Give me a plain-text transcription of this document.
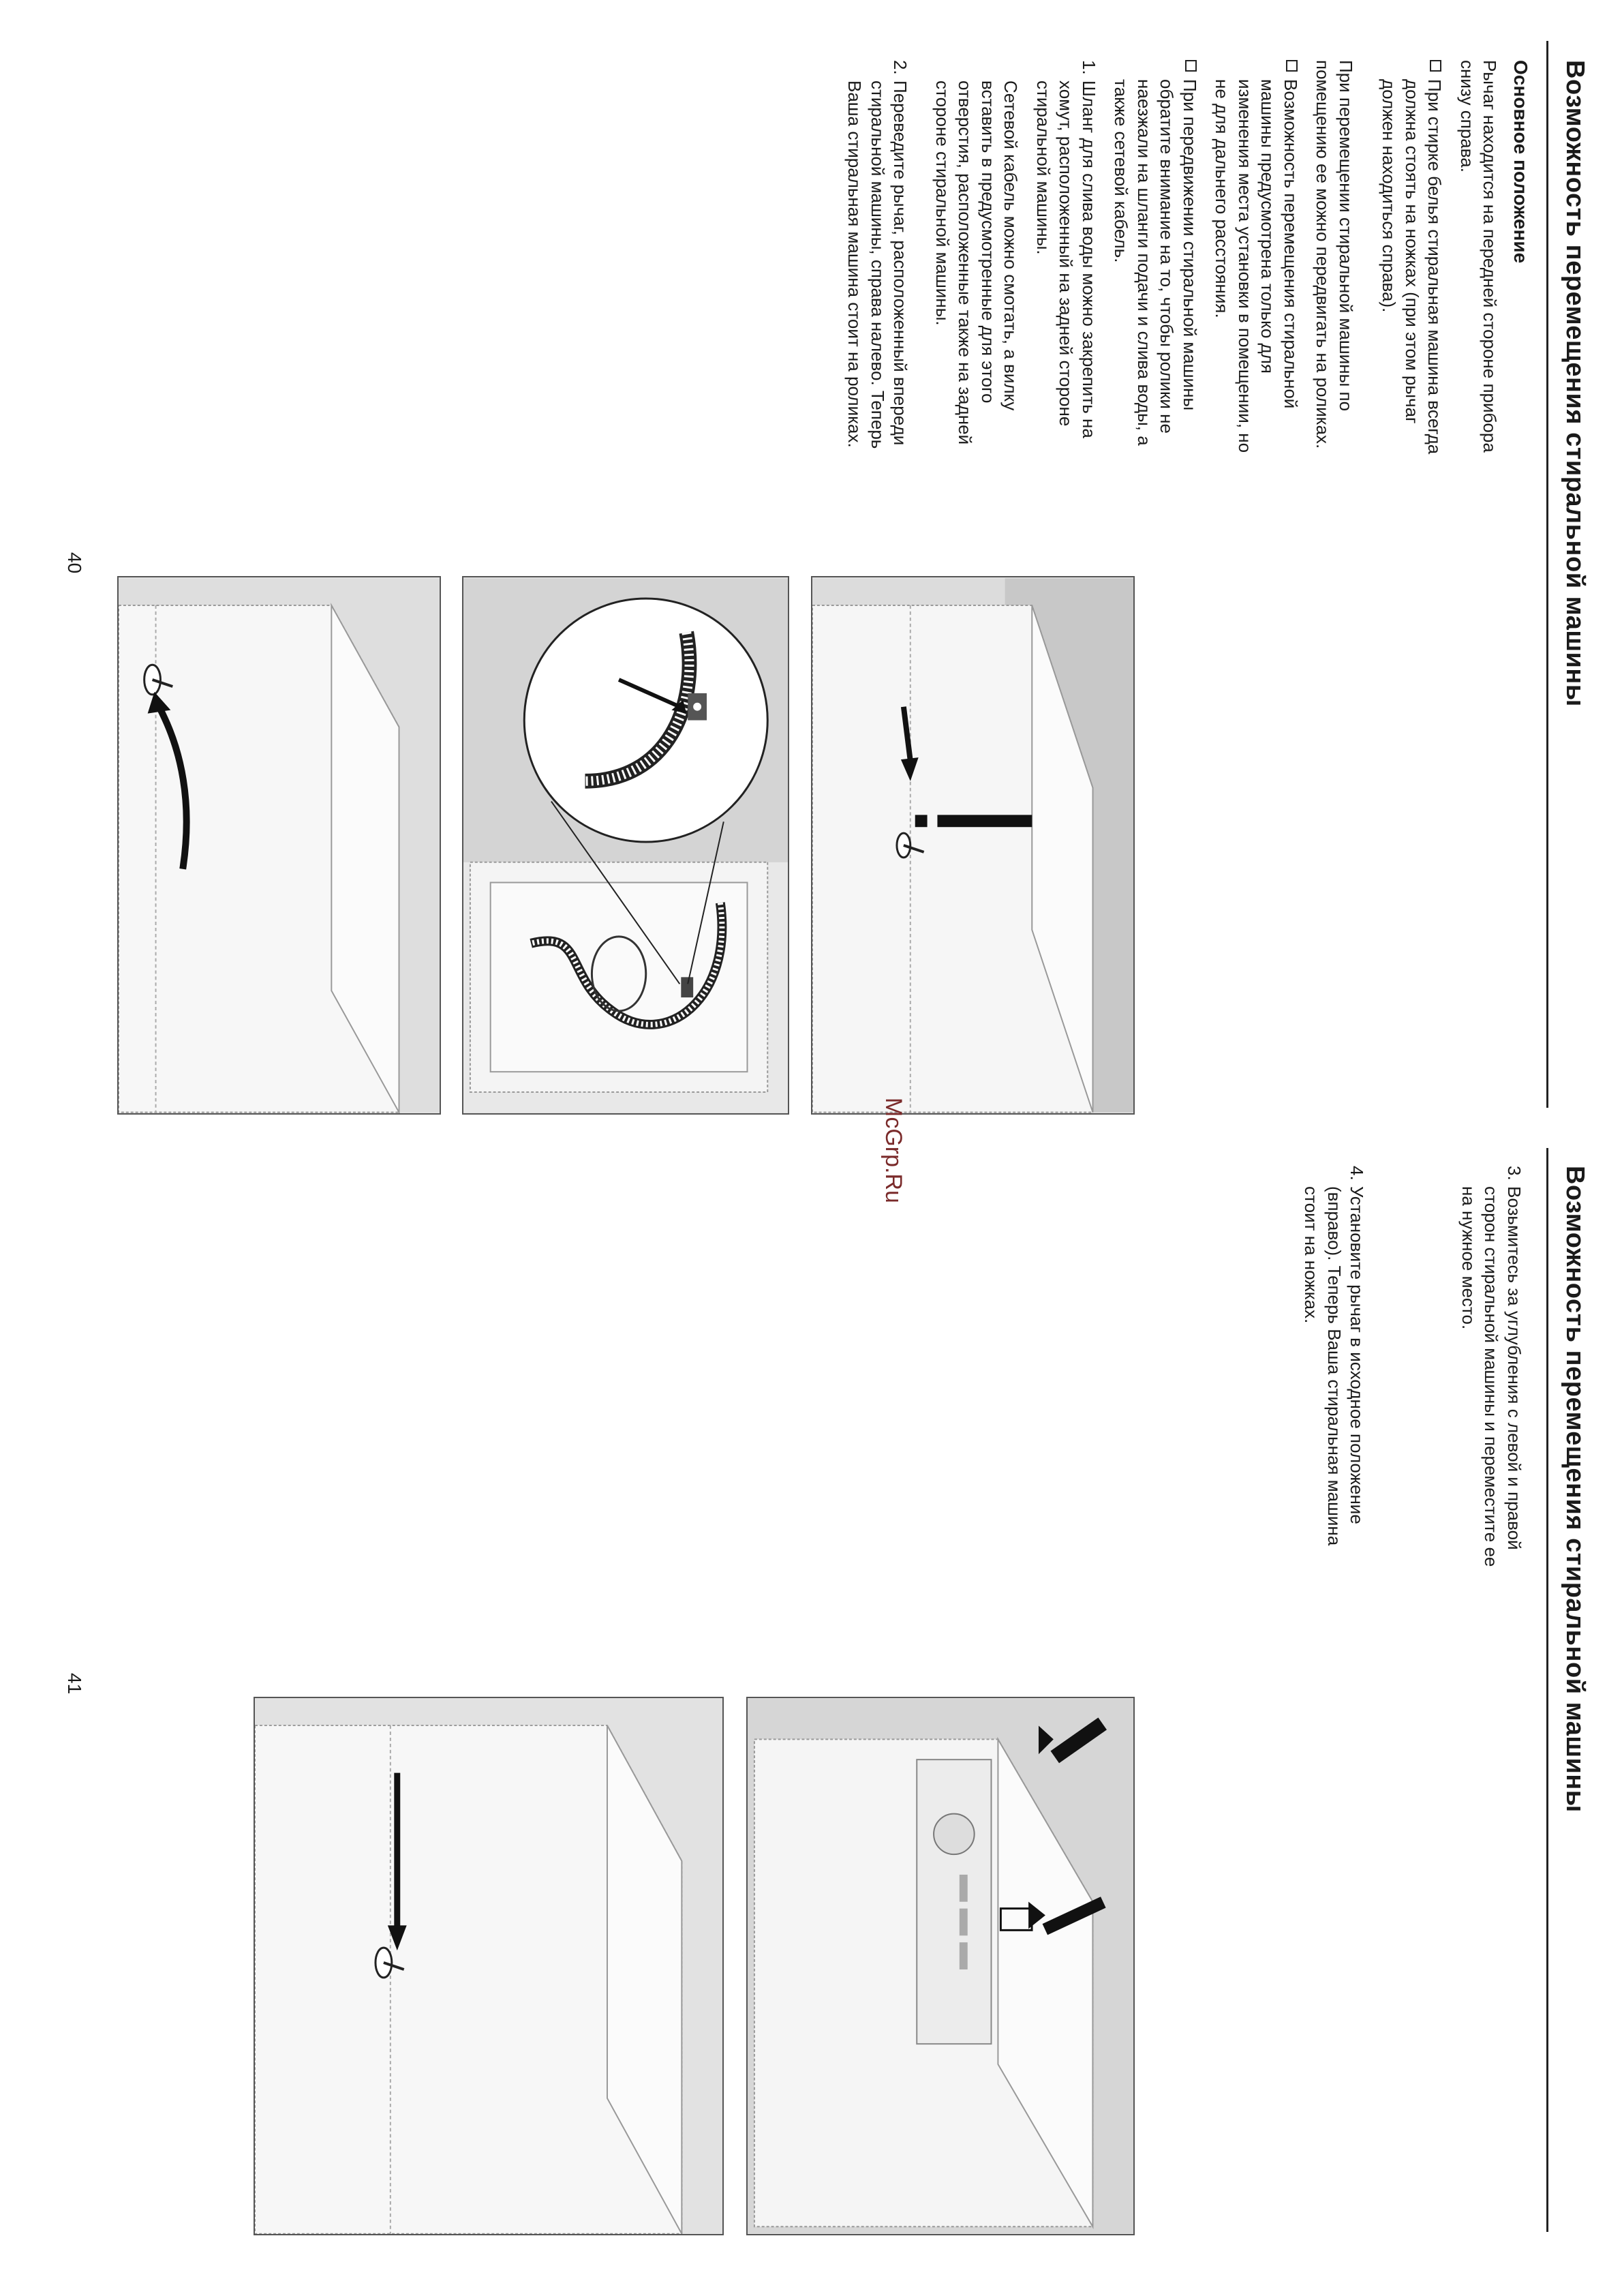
Возможность перемещения стиральной машины

Основное положение

Рычаг находится на передней стороне прибора снизу справа.

При стирке белья стиральная машина всегда должна стоять на ножках (при этом рычаг должен находиться справа).

При перемещении стиральной машины по помещению ее можно передвигать на роликах.

Возможность перемещения стиральной машины предусмотрена только для изменения места установки в помещении, но не для дальнего расстояния.

При передвижении стиральной машины обратите внимание на то, чтобы ролики не наезжали на шланги подачи и слива воды, а также сетевой кабель.

1.
Шланг для слива воды можно закрепить на хомут, расположенный на задней стороне стиральной машины.

Сетевой кабель можно смотать, а вилку вставить в предусмотренные для этого отверстия, расположенные также на задней стороне стиральной машины.

2.
Переведите рычаг, расположенный впереди стиральной машины, справа налево. Теперь Ваша стиральная машина стоит на роликах.

40
Возможность перемещения стиральной машины

3.
Возьмитесь за углубления с левой и правой сторон стиральной машины и переместите ее на нужное место.

4.
Установите рычаг в исходное положение (вправо). Теперь Ваша стиральная машина стоит на ножках.

41
McGrp.Ru
